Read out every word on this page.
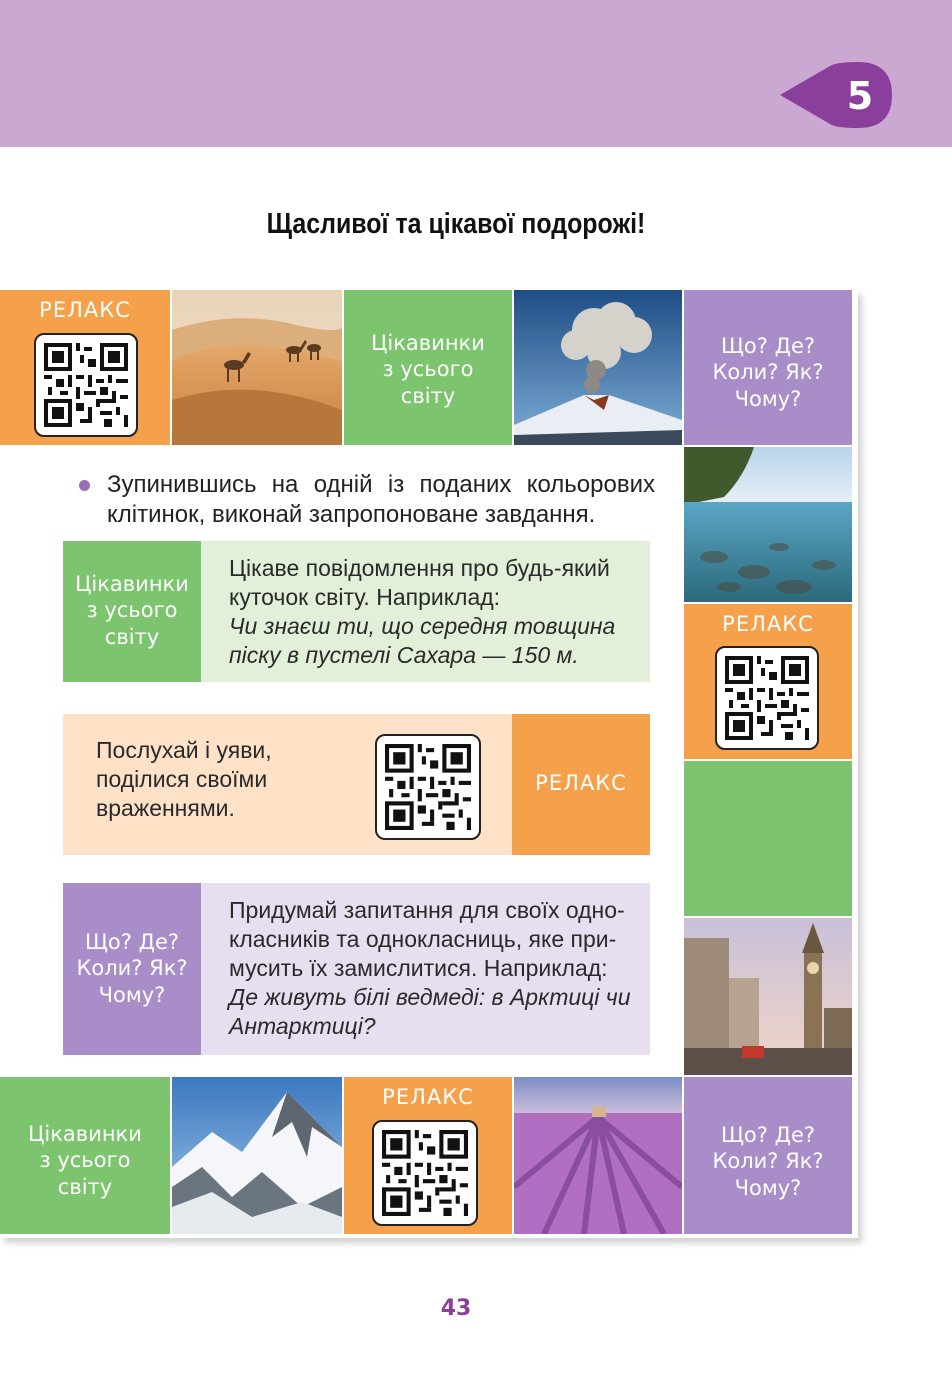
5
Щасливої та цікавої подорожі!
РЕЛАКС
Цікавинки
з усього
світу
Що? Де?
Коли? Як?
Чому?
РЕЛАКС
Цікавинки
з усього
світу
РЕЛАКС
Що? Де?
Коли? Як?
Чому?
Зупинившись на одній із поданих кольорових клітинок, виконай запропоноване завдання.
Цікавинки
з усього
світу
Цікаве повідомлення про будь-який
куточок світу. Наприклад:
Чи знаєш ти, що середня товщина
піску в пустелі Сахара — 150 м.
Послухай і уяви,
поділися своїми
враженнями.
РЕЛАКС
Що? Де?
Коли? Як?
Чому?
Придумай запитання для своїх одно-
класників та однокласниць, яке при-
мусить їх замислитися. Наприклад:
Де живуть білі ведмеді: в Арктиці чи
Антарктиці?
43
